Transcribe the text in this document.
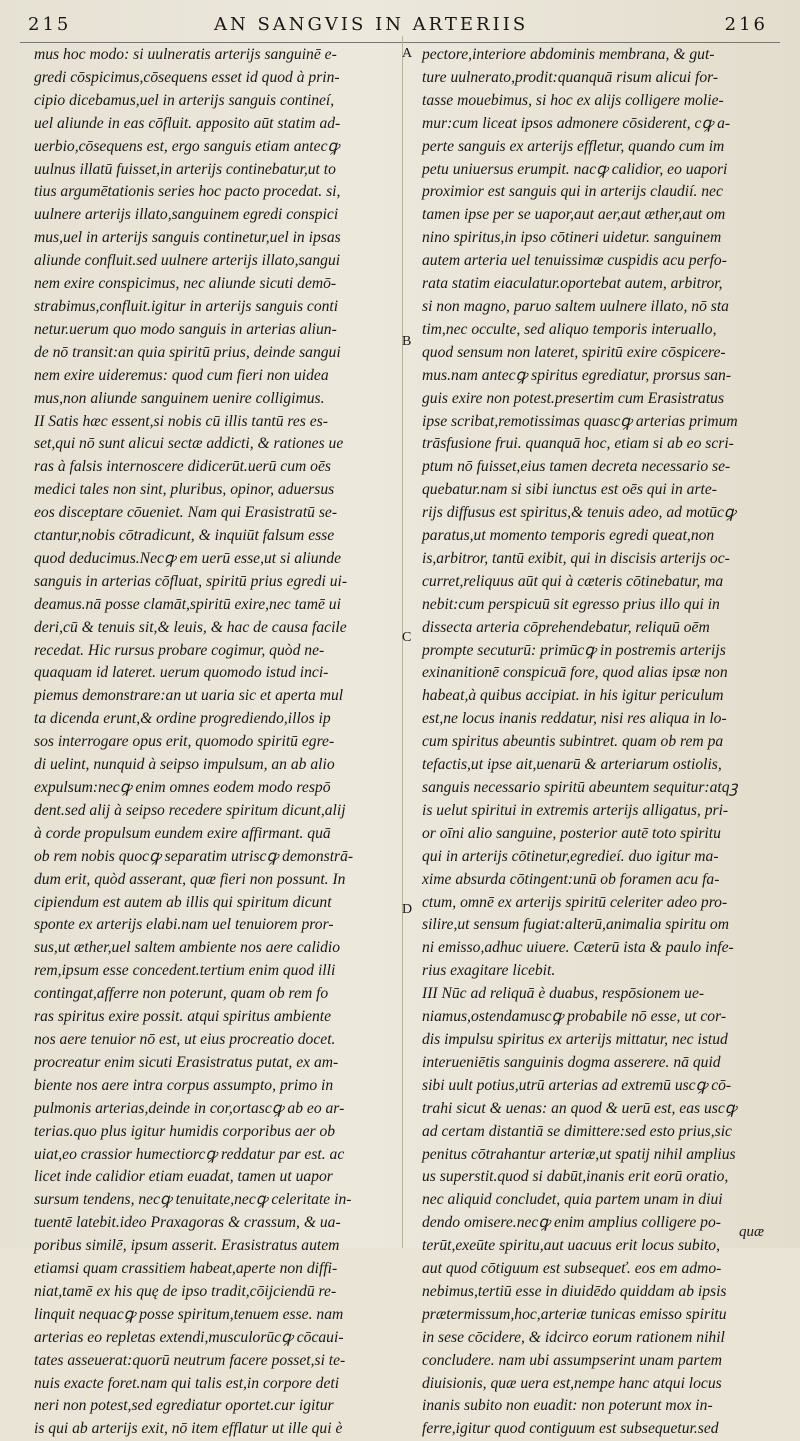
215	AN SANGVIS IN ARTERIIS	216
mus hoc modo: si uulneratis arterijs sanguinē e-
gredi cōspicimus,cōsequens esset id quod à prin-
cipio dicebamus,uel in arterijs sanguis contineí,
uel aliunde in eas cōfluit. apposito aūt statim ad-
uerbio,cōsequens est, ergo sanguis etiam antecꝙ
uulnus illatū fuisset,in arterijs continebatur,ut to
tius argumētationis series hoc pacto procedat. si,
uulnere arterijs illato,sanguinem egredi conspici
mus,uel in arterijs sanguis continetur,uel in ipsas
aliunde confluit.sed uulnere arterijs illato,sangui
nem exire conspicimus, nec aliunde sicuti demō-
strabimus,confluit.igitur in arterijs sanguis conti
netur.uerum quo modo sanguis in arterias aliun-
de nō transit:an quia spiritū prius, deinde sangui
nem exire uideremus: quod cum fieri non uidea
mus,non aliunde sanguinem uenire colligimus.
II Satis hæc essent,si nobis cū illis tantū res es-
set,qui nō sunt alicui sectæ addicti, & rationes ue
ras à falsis internoscere didicerūt.uerū cum oēs
medici tales non sint, pluribus, opinor, aduersus
eos disceptare cōueniet. Nam qui Erasistratū se-
ctantur,nobis cōtradicunt, & inquiūt falsum esse
quod deducimus.Necꝙ em uerū esse,ut si aliunde
sanguis in arterias cōfluat, spiritū prius egredi ui-
deamus.nā posse clamāt,spiritū exire,nec tamē ui
deri,cū & tenuis sit,& leuis, & hac de causa facile
recedat. Hic rursus probare cogimur, quòd ne-
quaquam id lateret. uerum quomodo istud inci-
piemus demonstrare:an ut uaria sic et aperta mul
ta dicenda erunt,& ordine progrediendo,illos ip
sos interrogare opus erit, quomodo spiritū egre-
di uelint, nunquid à seipso impulsum, an ab alio
expulsum:necꝙ enim omnes eodem modo respō
dent.sed alij à seipso recedere spiritum dicunt,alij
à corde propulsum eundem exire affirmant. quā
ob rem nobis quocꝙ separatim utriscꝙ demonstrā-
dum erit, quòd asserant, quæ fieri non possunt. In
cipiendum est autem ab illis qui spiritum dicunt
sponte ex arterijs elabi.nam uel tenuiorem pror-
sus,ut æther,uel saltem ambiente nos aere calidio
rem,ipsum esse concedent.tertium enim quod illi
contingat,afferre non poterunt, quam ob rem fo
ras spiritus exire possit. atqui spiritus ambiente
nos aere tenuior nō est, ut eius procreatio docet.
procreatur enim sicuti Erasistratus putat, ex am-
biente nos aere intra corpus assumpto, primo in
pulmonis arterias,deinde in cor,ortascꝙ ab eo ar-
terias.quo plus igitur humidis corporibus aer ob
uiat,eo crassior humectiorcꝙ reddatur par est. ac
licet inde calidior etiam euadat, tamen ut uapor
sursum tendens, necꝙ tenuitate,necꝙ celeritate in-
tuentē latebit.ideo Praxagoras & crassum, & ua-
poribus similē, ipsum asserit. Erasistratus autem
etiamsi quam crassitiem habeat,aperte non diffi-
niat,tamē ex his quę de ipso tradit,cōijciendū re-
linquit nequacꝙ posse spiritum,tenuem esse. nam
arterias eo repletas extendi,musculorūcꝙ cōcaui-
tates asseuerat:quorū neutrum facere posset,si te-
nuis exacte foret.nam qui talis est,in corpore deti
neri non potest,sed egrediatur oportet.cur igitur
is qui ab arterijs exit, nō item efflatur ut ille qui è
pectore,interiore abdominis membrana, & gut-
ture uulnerato,prodit:quanquā risum alicui for-
tasse mouebimus, si hoc ex alijs colligere molie-
mur:cum liceat ipsos admonere cōsiderent, cꝙ a-
perte sanguis ex arterijs effletur, quando cum im
petu uniuersus erumpit. nacꝙ calidior, eo uapori
proximior est sanguis qui in arterijs claudií. nec
tamen ipse per se uapor,aut aer,aut æther,aut om
nino spiritus,in ipso cōtineri uidetur. sanguinem
autem arteria uel tenuissimæ cuspidis acu perfo-
rata statim eiaculatur.oportebat autem, arbitror,
si non magno, paruo saltem uulnere illato, nō sta
tim,nec occulte, sed aliquo temporis interuallo,
quod sensum non lateret, spiritū exire cōspicere-
mus.nam antecꝙ spiritus egrediatur, prorsus san-
guis exire non potest.presertim cum Erasistratus
ipse scribat,remotissimas quascꝙ arterias primum
trāsfusione frui. quanquā hoc, etiam si ab eo scri-
ptum nō fuisset,eius tamen decreta necessario se-
quebatur.nam si sibi iunctus est oēs qui in arte-
rijs diffusus est spiritus,& tenuis adeo, ad motūcꝙ
paratus,ut momento temporis egredi queat,non
is,arbitror, tantū exibit, qui in discisis arterijs oc-
curret,reliquus aūt qui à cæteris cōtinebatur, ma
nebit:cum perspicuū sit egresso prius illo qui in
dissecta arteria cōprehendebatur, reliquū oēm
prompte secuturū: primūcꝙ in postremis arterijs
exinanitionē conspicuā fore, quod alias ipsæ non
habeat,à quibus accipiat. in his igitur periculum
est,ne locus inanis reddatur, nisi res aliqua in lo-
cum spiritus abeuntis subintret. quam ob rem pa
tefactis,ut ipse ait,uenarū & arteriarum ostiolis,
sanguis necessario spiritū abeuntem sequitur:atqꝫ
is uelut spiritui in extremis arterijs alligatus, pri-
or oīni alio sanguine, posterior autē toto spiritu
qui in arterijs cōtinetur,egredieí. duo igitur ma-
xime absurda cōtingent:unū ob foramen acu fa-
ctum, omnē ex arterijs spiritū celeriter adeo pro-
silire,ut sensum fugiat:alterū,animalia spiritu om
ni emisso,adhuc uiuere. Cæterū ista & paulo infe-
rius exagitare licebit.
III Nūc ad reliquā è duabus, respōsionem ue-
niamus,ostendamuscꝙ probabile nō esse, ut cor-
dis impulsu spiritus ex arterijs mittatur, nec istud
interueniētis sanguinis dogma asserere. nā quid
sibi uult potius,utrū arterias ad extremū uscꝙ cō-
trahi sicut & uenas: an quod & uerū est, eas uscꝙ
ad certam distantiā se dimittere:sed esto prius,sic
penitus cōtrahantur arteriæ,ut spatij nihil amplius
us superstit.quod si dabūt,inanis erit eorū oratio,
nec aliquid concludet, quia partem unam in diui
dendo omisere.necꝙ enim amplius colligere po-
terūt,exeūte spiritu,aut uacuus erit locus subito,
aut quod cōtiguum est subsequeť. eos em admo-
nebimus,tertiū esse in diuidēdo quiddam ab ipsis
prætermissum,hoc,arteriæ tunicas emisso spiritu
in sese cōcidere, & idcirco eorum rationem nihil
concludere. nam ubi assumpserint unam partem
diuisionis, quæ uera est,nempe hanc atqui locus
inanis subito non euadit: non poterunt mox in-
ferre,igitur quod contiguum est subsequetur.sed
A
B
C
D
quæ
